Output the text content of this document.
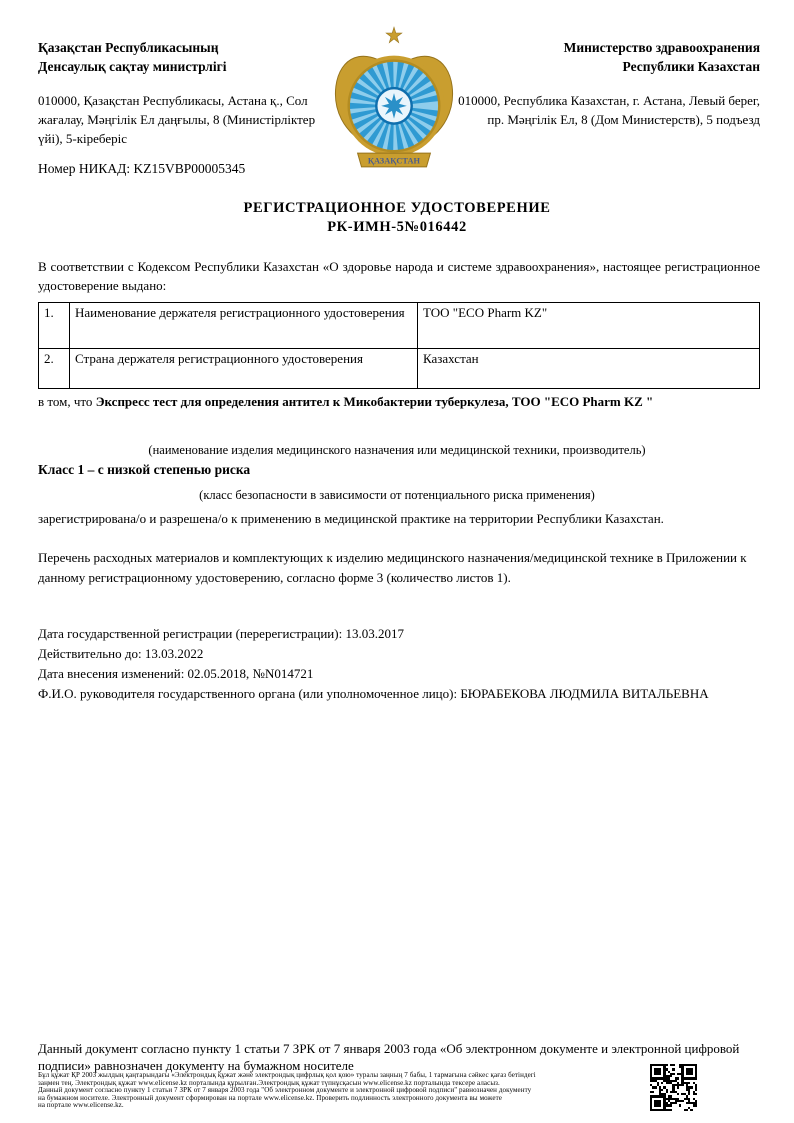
Қазақстан Республикасының
Денсаулық сақтау министрлігі
010000, Қазақстан Республикасы, Астана қ., Сол жағалау, Мәңгілік Ел даңғылы, 8 (Министірліктер үйі), 5-кіреберіс
Номер НИКАД: KZ15VBP00005345
ҚАЗАҚСТАН
Министерство здравоохранения
Республики Казахстан
010000, Республика Казахстан, г. Астана, Левый берег, пр. Мәңгілік Ел, 8 (Дом Министерств), 5 подъезд
РЕГИСТРАЦИОННОЕ УДОСТОВЕРЕНИЕ
РК-ИМН-5№016442
В соответствии с Кодексом Республики Казахстан «О здоровье народа и системе здравоохранения», настоящее регистрационное удостоверение выдано:
1.	Наименование держателя регистрационного удостоверения	ТОО "ECO Pharm KZ"
2.	Страна держателя регистрационного удостоверения	Казахстан
в том, что Экспресс тест для определения антител к Микобактерии туберкулеза, ТОО "ECO Pharm KZ "
(наименование изделия медицинского назначения или медицинской техники, производитель)
Класс 1 – с низкой степенью риска
(класс безопасности в зависимости от потенциального риска применения)
зарегистрирована/о и разрешена/о к применению в медицинской практике на территории Республики Казахстан.
Перечень расходных материалов и комплектующих к изделию медицинского назначения/медицинской технике в Приложении к данному регистрационному удостоверению, согласно форме 3 (количество листов 1).
Дата государственной регистрации (перерегистрации): 13.03.2017
Действительно до: 13.03.2022
Дата внесения изменений: 02.05.2018, №N014721
Ф.И.О. руководителя государственного органа (или уполномоченное лицо): БЮРАБЕКОВА ЛЮДМИЛА ВИТАЛЬЕВНА
Данный документ согласно пункту 1 статьи 7 ЗРК от 7 января 2003 года «Об электронном документе и электронной цифровой подписи» равнозначен документу на бумажном носителе
Бұл құжат ҚР 2003 жылдың қаңтарындағы «Электрондық құжат және электрондық цифрлық қол қою» туралы заңның 7 бабы, 1 тармағына сәйкес қағаз бетіндегі
заңмен тең. Электрондық құжат www.elicense.kz порталында құрылған.Электрондық құжат түпнұсқасын www.elicense.kz порталында тексере аласыз.
Данный документ согласно пункту 1 статьи 7 ЗРК от 7 января 2003 года "Об электронном документе и электронной цифровой подписи" равнозначен документу
на бумажном носителе. Электронный документ сформирован на портале www.elicense.kz. Проверить подлинность электронного документа вы можете
на портале www.elicense.kz.
